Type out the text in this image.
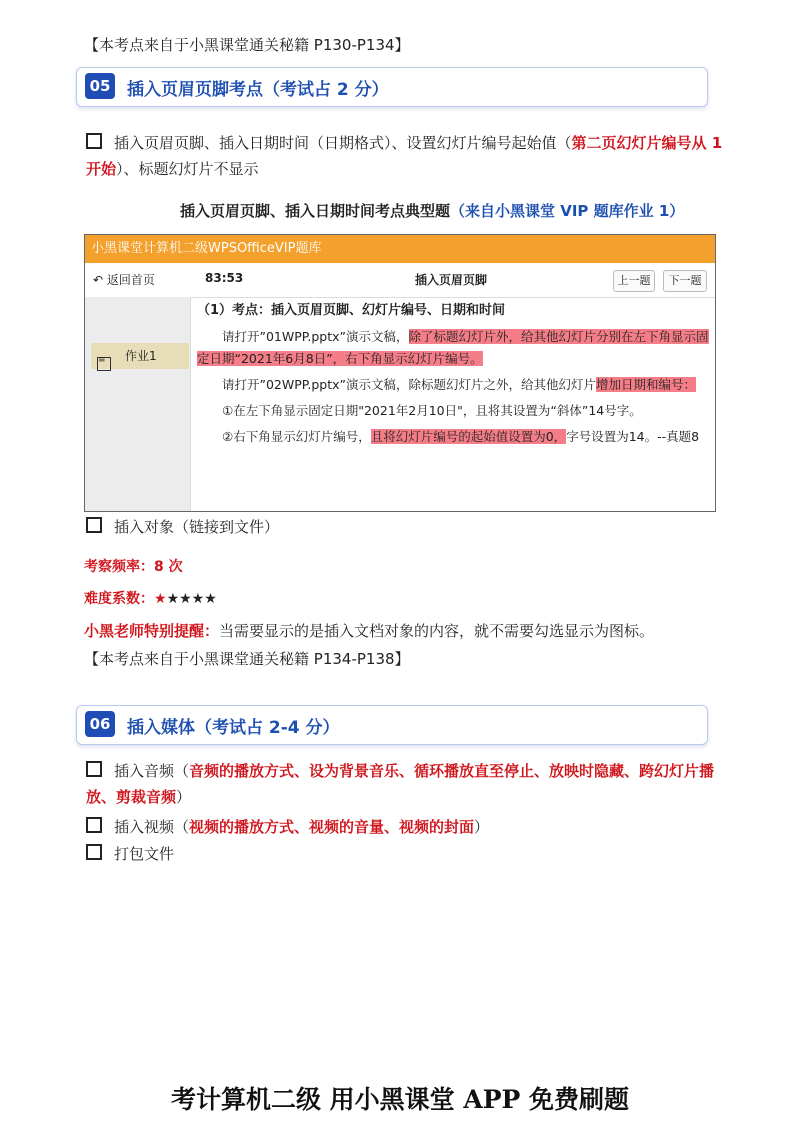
【本考点来自于小黑课堂通关秘籍 P130-P134】
05 插入页眉页脚考点（考试占 2 分）
插入页眉页脚、插入日期时间（日期格式）、设置幻灯片编号起始值（第二页幻灯片编号从 1 开始）、标题幻灯片不显示
插入页眉页脚、插入日期时间考点典型题（来自小黑课堂 VIP 题库作业 1）
小黑课堂计算机二级WPSOfficeVIP题库
↶ 返回首页	83:53	插入页眉页脚	上一题	下一题
≡ 作业1
（1）考点：插入页眉页脚、幻灯片编号、日期和时间
请打开”01WPP.pptx”演示文稿，除了标题幻灯片外，给其他幻灯片分别在左下角显示固定日期“2021年6月8日”，右下角显示幻灯片编号。
请打开”02WPP.pptx”演示文稿，除标题幻灯片之外，给其他幻灯片增加日期和编号：
①在左下角显示固定日期"2021年2月10日"，且将其设置为“斜体”14号字。
②右下角显示幻灯片编号，且将幻灯片编号的起始值设置为0，字号设置为14。--真题8
插入对象（链接到文件）
考察频率：8 次
难度系数：★★★★★
小黑老师特别提醒：当需要显示的是插入文档对象的内容，就不需要勾选显示为图标。
【本考点来自于小黑课堂通关秘籍 P134-P138】
06 插入媒体（考试占 2-4 分）
插入音频（音频的播放方式、设为背景音乐、循环播放直至停止、放映时隐藏、跨幻灯片播放、剪裁音频）
插入视频（视频的播放方式、视频的音量、视频的封面）
打包文件
考计算机二级 用小黑课堂 APP 免费刷题
